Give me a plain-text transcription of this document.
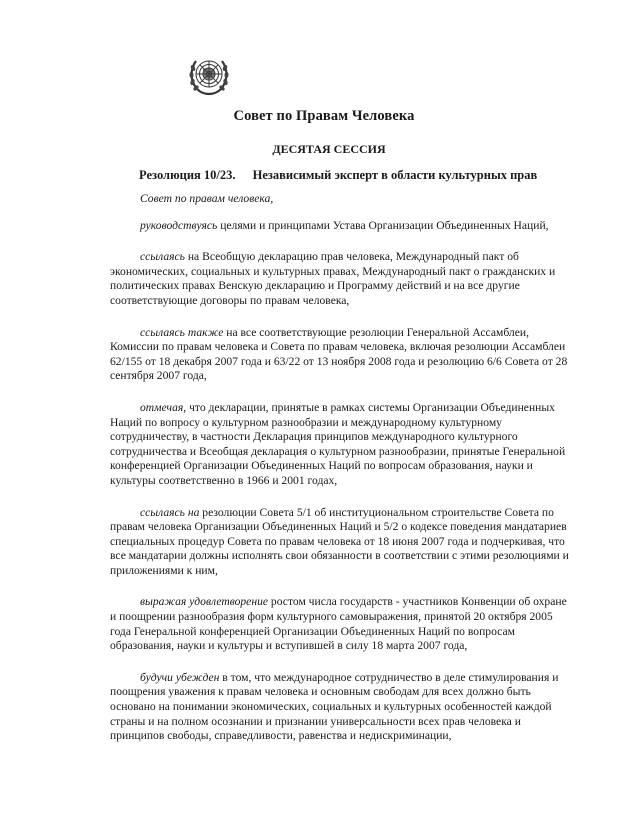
Совет по Правам Человека
ДЕСЯТАЯ СЕССИЯ
Резолюция 10/23. Независимый эксперт в области культурных прав

Совет по правам человека,

руководствуясь целями и принципами Устава Организации Объединенных Наций,

ссылаясь на Всеобщую декларацию прав человека, Международный пакт об экономических, социальных и культурных правах, Международный пакт о гражданских и политических правах Венскую декларацию и Программу действий и на все другие соответствующие договоры по правам человека,

ссылаясь также на все соответствующие резолюции Генеральной Ассамблеи, Комиссии по правам человека и Совета по правам человека, включая резолюции Ассамблеи 62/155 от 18 декабря 2007 года и 63/22 от 13 ноября 2008 года и резолюцию 6/6 Совета от 28 сентября 2007 года,

отмечая, что декларации, принятые в рамках системы Организации Объединенных Наций по вопросу о культурном разнообразии и международному культурному сотрудничеству, в частности Декларация принципов международного культурного сотрудничества и Всеобщая декларация о культурном разнообразии, принятые Генеральной конференцией Организации Объединенных Наций по вопросам образования, науки и культуры соответственно в 1966 и 2001 годах,

ссылаясь на резолюции Совета 5/1 об институциональном строительстве Совета по правам человека Организации Объединенных Наций и 5/2 о кодексе поведения мандатариев специальных процедур Совета по правам человека от 18 июня 2007 года и подчеркивая, что все мандатарии должны исполнять свои обязанности в соответствии с этими резолюциями и приложениями к ним,

выражая удовлетворение ростом числа государств - участников Конвенции об охране и поощрении разнообразия форм культурного самовыражения, принятой 20 октября 2005 года Генеральной конференцией Организации Объединенных Наций по вопросам образования, науки и культуры и вступившей в силу 18 марта 2007 года,

будучи убежден в том, что международное сотрудничество в деле стимулирования и поощрения уважения к правам человека и основным свободам для всех должно быть основано на понимании экономических, социальных и культурных особенностей каждой страны и на полном осознании и признании универсальности всех прав человека и принципов свободы, справедливости, равенства и недискриминации,
